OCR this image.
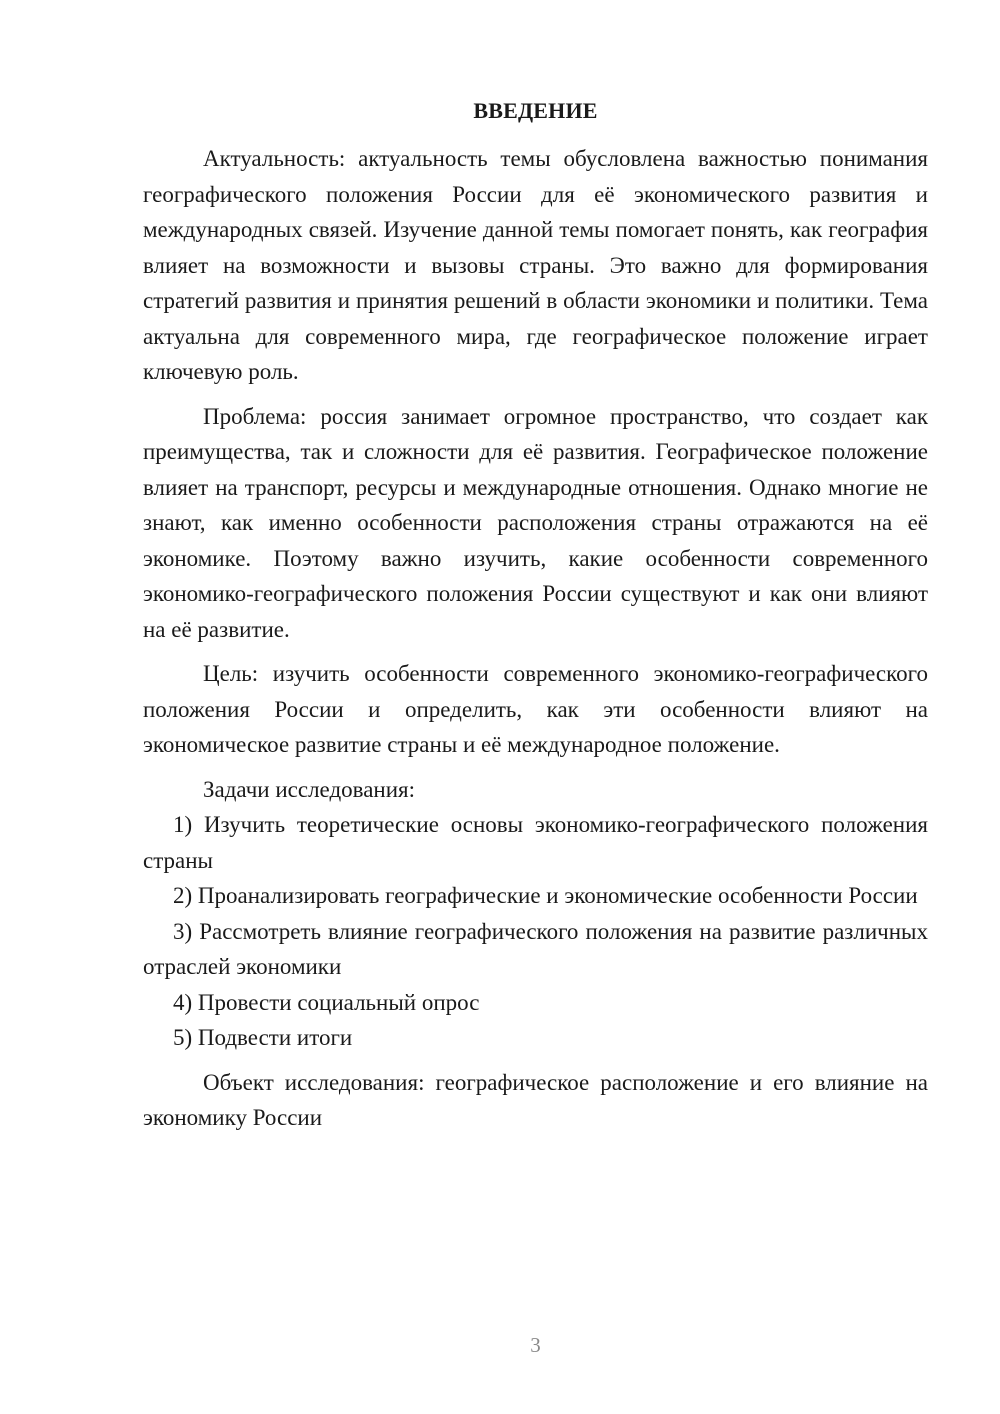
ВВЕДЕНИЕ

Актуальность: актуальность темы обусловлена важностью понимания географического положения России для её экономического развития и международных связей. Изучение данной темы помогает понять, как география влияет на возможности и вызовы страны. Это важно для формирования стратегий развития и принятия решений в области экономики и политики. Тема актуальна для современного мира, где географическое положение играет ключевую роль.

Проблема: россия занимает огромное пространство, что создает как преимущества, так и сложности для её развития. Географическое положение влияет на транспорт, ресурсы и международные отношения. Однако многие не знают, как именно особенности расположения страны отражаются на её экономике. Поэтому важно изучить, какие особенности современного экономико-географического положения России существуют и как они влияют на её развитие.

Цель: изучить особенности современного экономико-географического положения России и определить, как эти особенности влияют на экономическое развитие страны и её международное положение.

Задачи исследования:

1) Изучить теоретические основы экономико-географического положения страны

2) Проанализировать географические и экономические особенности России

3) Рассмотреть влияние географического положения на развитие различных отраслей экономики

4) Провести социальный опрос

5) Подвести итоги

Объект исследования: географическое расположение и его влияние на экономику России

3
